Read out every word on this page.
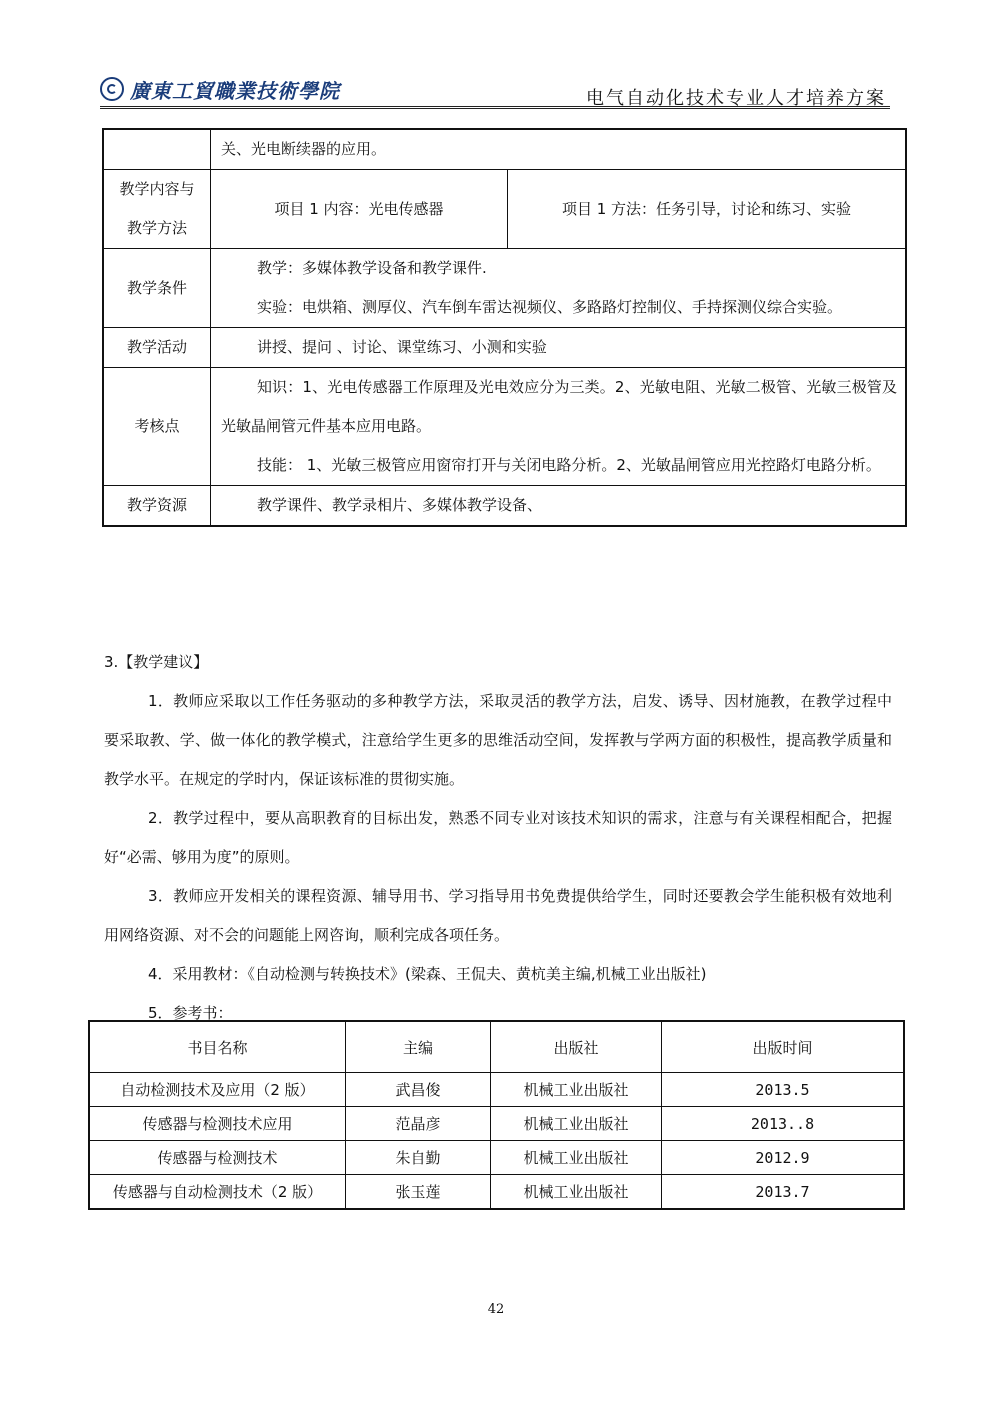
廣東工貿職業技術學院	电气自动化技术专业人才培养方案
	关、光电断续器的应用。	

教学内容与
教学方法	项目 1 内容：光电传感器	项目 1 方法：任务引导，讨论和练习、实验
教学条件	教学：多媒体教学设备和教学课件.
实验：电烘箱、测厚仪、汽车倒车雷达视频仪、多路路灯控制仪、手持探测仪综合实验。	

教学活动	讲授、提问 、讨论、课堂练习、小测和实验	
考核点	知识：1、光电传感器工作原理及光电效应分为三类。2、光敏电阻、光敏二极管、光敏三极管及光敏晶闸管元件基本应用电路。
技能： 1、光敏三极管应用窗帘打开与关闭电路分析。2、光敏晶闸管应用光控路灯电路分析。	

教学资源	教学课件、教学录相片、多媒体教学设备、	

3.【教学建议】

1．教师应采取以工作任务驱动的多种教学方法，采取灵活的教学方法，启发、诱导、因材施教，在教学过程中要采取教、学、做一体化的教学模式，注意给学生更多的思维活动空间，发挥教与学两方面的积极性，提高教学质量和教学水平。在规定的学时内，保证该标准的贯彻实施。

2．教学过程中，要从高职教育的目标出发，熟悉不同专业对该技术知识的需求，注意与有关课程相配合，把握好“必需、够用为度”的原则。

3．教师应开发相关的课程资源、辅导用书、学习指导用书免费提供给学生，同时还要教会学生能积极有效地利用网络资源、对不会的问题能上网咨询，顺利完成各项任务。

4．采用教材：《自动检测与转换技术》(梁森、王侃夫、黄杭美主编,机械工业出版社)

5．参考书：

书目名称	主编	出版社	出版时间
自动检测技术及应用（2 版）	武昌俊	机械工业出版社	2013.5
传感器与检测技术应用	范晶彦	机械工业出版社	2013..8
传感器与检测技术	朱自勤	机械工业出版社	2012.9
传感器与自动检测技术（2 版）	张玉莲	机械工业出版社	2013.7
42
